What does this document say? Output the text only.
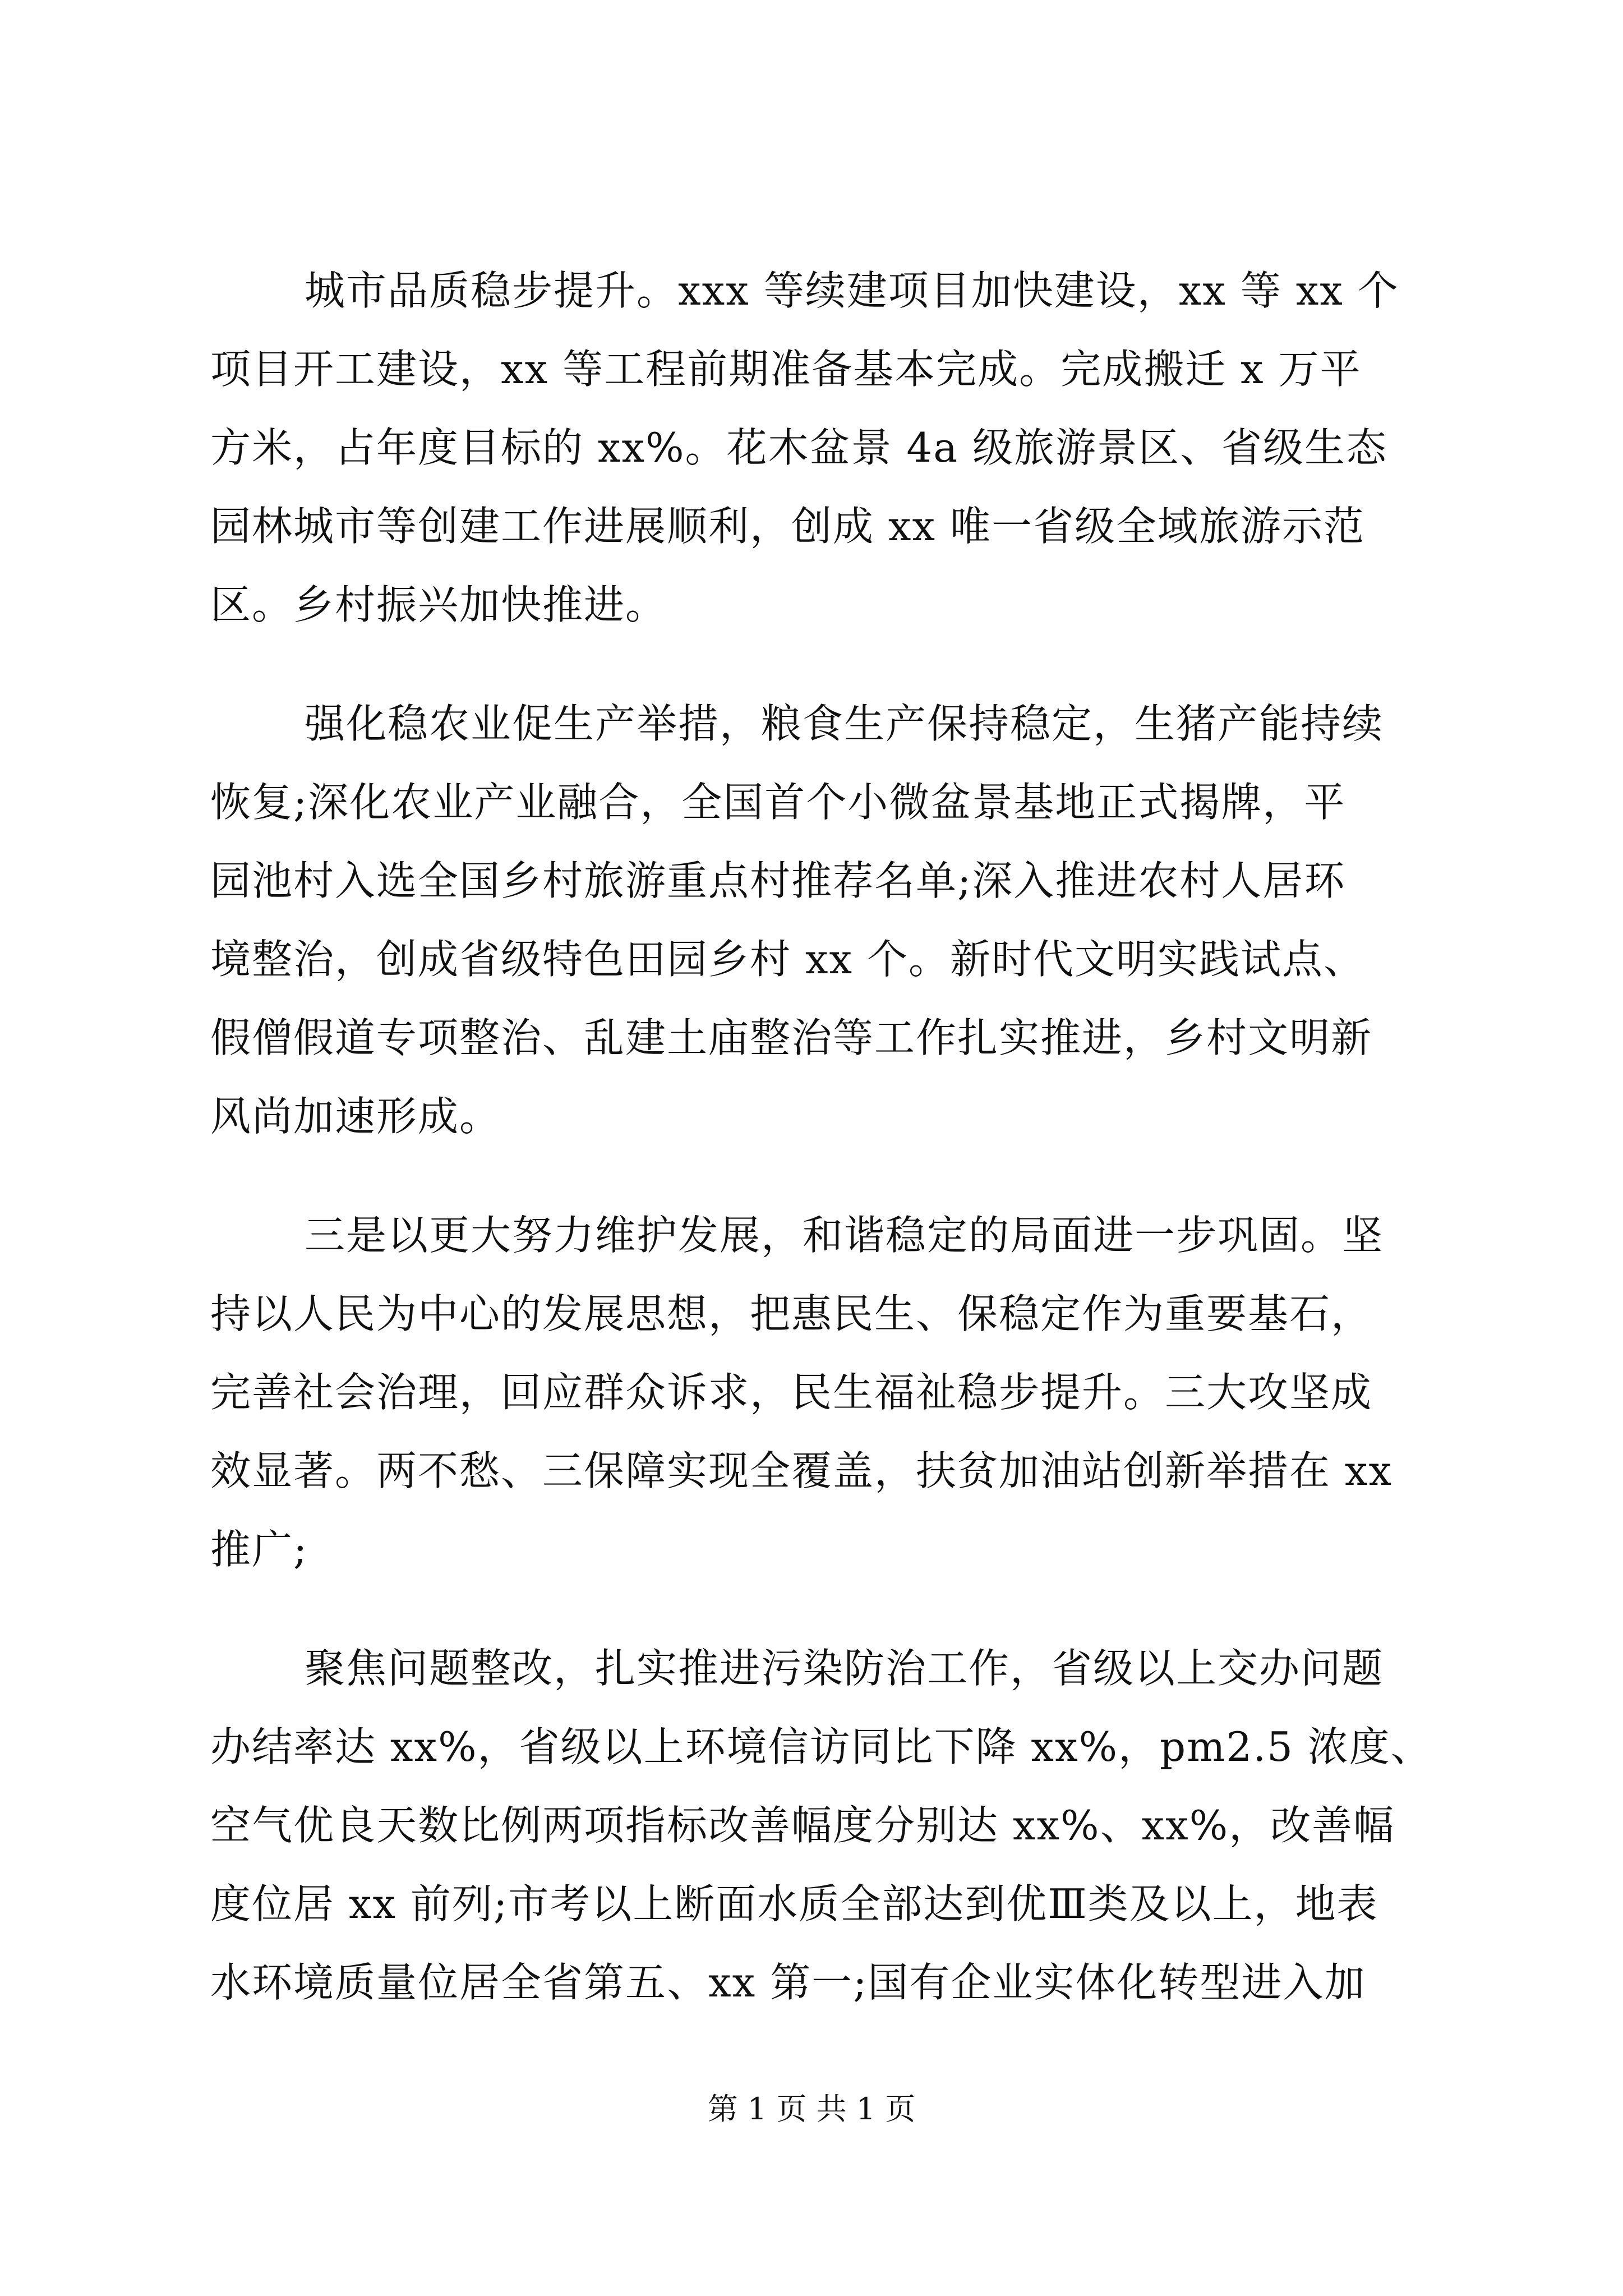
城市品质稳步提升。xxx 等续建项目加快建设，xx 等 xx 个
项目开工建设，xx 等工程前期准备基本完成。完成搬迁 x 万平
方米，占年度目标的 xx%。花木盆景 4a 级旅游景区、省级生态
园林城市等创建工作进展顺利，创成 xx 唯一省级全域旅游示范
区。乡村振兴加快推进。
强化稳农业促生产举措，粮食生产保持稳定，生猪产能持续
恢复;深化农业产业融合，全国首个小微盆景基地正式揭牌，平
园池村入选全国乡村旅游重点村推荐名单;深入推进农村人居环
境整治，创成省级特色田园乡村 xx 个。新时代文明实践试点、
假僧假道专项整治、乱建土庙整治等工作扎实推进，乡村文明新
风尚加速形成。
三是以更大努力维护发展，和谐稳定的局面进一步巩固。坚
持以人民为中心的发展思想，把惠民生、保稳定作为重要基石，
完善社会治理，回应群众诉求，民生福祉稳步提升。三大攻坚成
效显著。两不愁、三保障实现全覆盖，扶贫加油站创新举措在 xx
推广;
聚焦问题整改，扎实推进污染防治工作，省级以上交办问题
办结率达 xx%，省级以上环境信访同比下降 xx%，pm2.5 浓度、
空气优良天数比例两项指标改善幅度分别达 xx%、xx%，改善幅
度位居 xx 前列;市考以上断面水质全部达到优Ⅲ类及以上，地表
水环境质量位居全省第五、xx 第一;国有企业实体化转型进入加
第 1 页 共 1 页
